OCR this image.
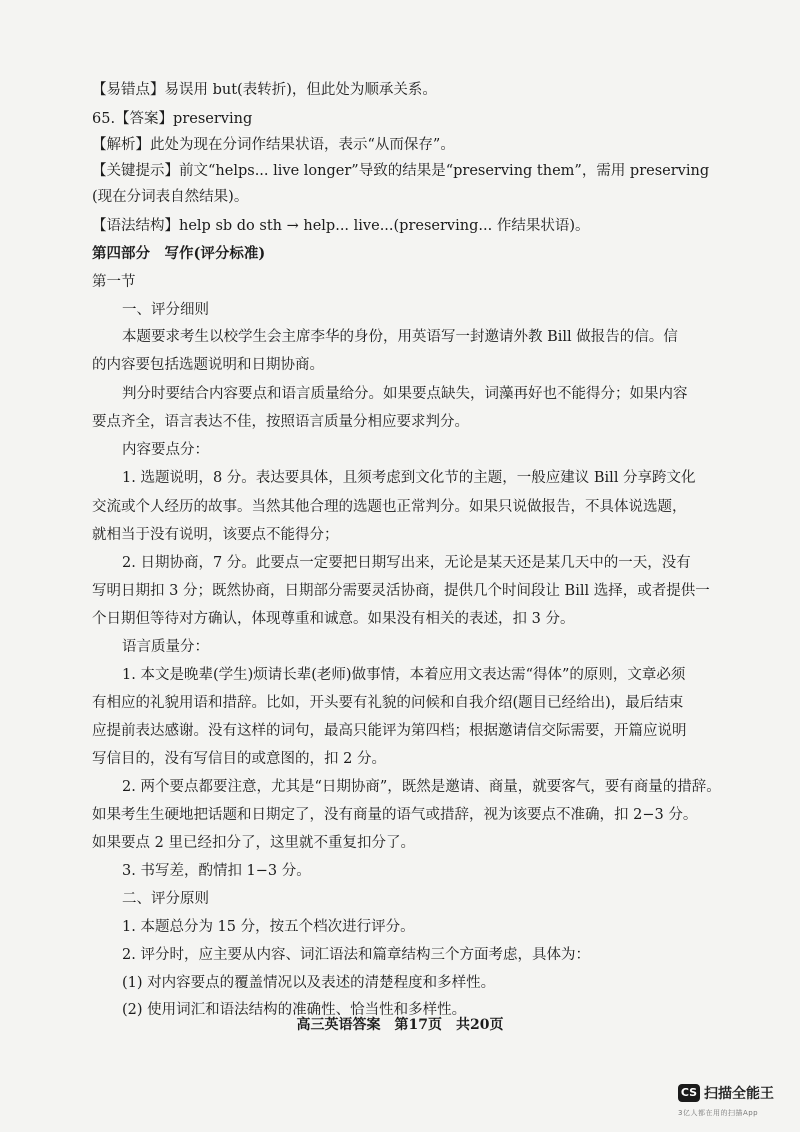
【易错点】易误用 but(表转折)，但此处为顺承关系。
65.【答案】preserving
【解析】此处为现在分词作结果状语，表示“从而保存”。
【关键提示】前文“helps... live longer”导致的结果是“preserving them”，需用 preserving
(现在分词表自然结果)。
【语法结构】help sb do sth → help... live...(preserving... 作结果状语)。
第四部分　写作(评分标准)
第一节
一、评分细则
本题要求考生以校学生会主席李华的身份，用英语写一封邀请外教 Bill 做报告的信。信
的内容要包括选题说明和日期协商。
判分时要结合内容要点和语言质量给分。如果要点缺失，词藻再好也不能得分；如果内容
要点齐全，语言表达不佳，按照语言质量分相应要求判分。
内容要点分：
1. 选题说明，8 分。表达要具体，且须考虑到文化节的主题，一般应建议 Bill 分享跨文化
交流或个人经历的故事。当然其他合理的选题也正常判分。如果只说做报告，不具体说选题，
就相当于没有说明，该要点不能得分；
2. 日期协商，7 分。此要点一定要把日期写出来，无论是某天还是某几天中的一天，没有
写明日期扣 3 分；既然协商，日期部分需要灵活协商，提供几个时间段让 Bill 选择，或者提供一
个日期但等待对方确认，体现尊重和诚意。如果没有相关的表述，扣 3 分。
语言质量分：
1. 本文是晚辈(学生)烦请长辈(老师)做事情，本着应用文表达需“得体”的原则，文章必须
有相应的礼貌用语和措辞。比如，开头要有礼貌的问候和自我介绍(题目已经给出)，最后结束
应提前表达感谢。没有这样的词句，最高只能评为第四档；根据邀请信交际需要，开篇应说明
写信目的，没有写信目的或意图的，扣 2 分。
2. 两个要点都要注意，尤其是“日期协商”，既然是邀请、商量，就要客气，要有商量的措辞。
如果考生生硬地把话题和日期定了，没有商量的语气或措辞，视为该要点不准确，扣 2−3 分。
如果要点 2 里已经扣分了，这里就不重复扣分了。
3. 书写差，酌情扣 1−3 分。
二、评分原则
1. 本题总分为 15 分，按五个档次进行评分。
2. 评分时，应主要从内容、词汇语法和篇章结构三个方面考虑，具体为：
(1) 对内容要点的覆盖情况以及表述的清楚程度和多样性。
(2) 使用词汇和语法结构的准确性、恰当性和多样性。
高三英语答案　第17页　共20页
CS 扫描全能王
3亿人都在用的扫描App
